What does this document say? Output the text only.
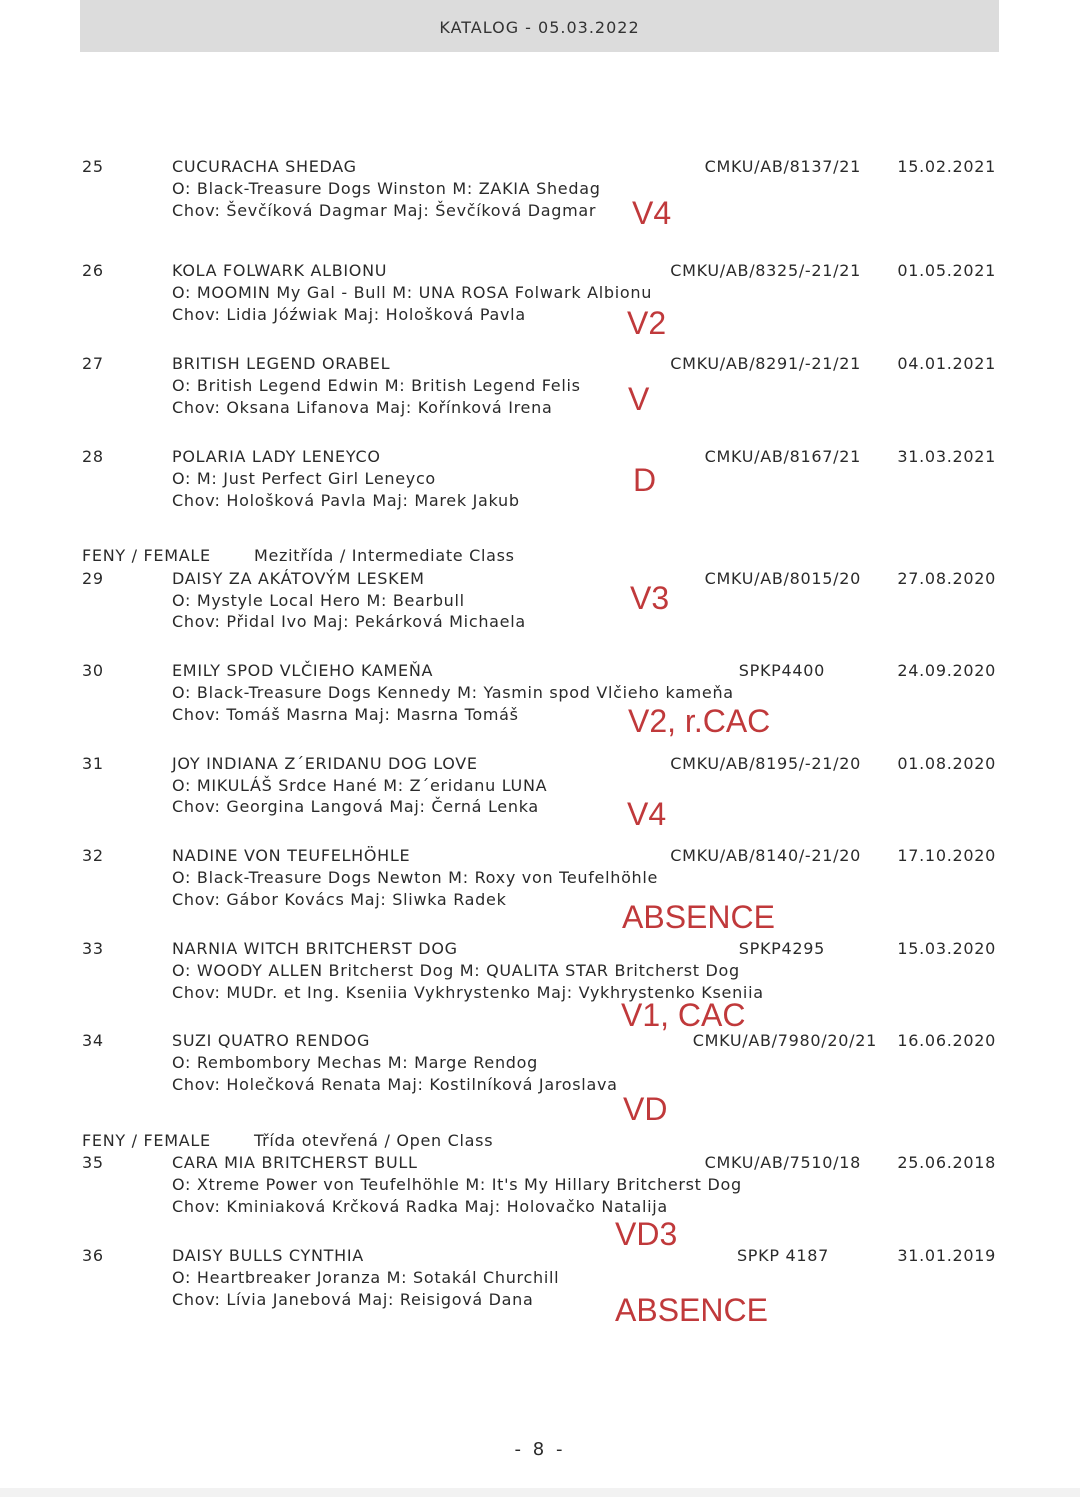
KATALOG - 05.03.2022
25	CUCURACHA SHEDAG	CMKU/AB/8137/21 15.02.2021
O: Black-Treasure Dogs Winston M: ZAKIA Shedag
Chov: Ševčíková Dagmar Maj: Ševčíková Dagmar V4
26	KOLA FOLWARK ALBIONU	CMKU/AB/8325/-21/21 01.05.2021
O: MOOMIN My Gal - Bull M: UNA ROSA Folwark Albionu
Chov: Lidia Jóźwiak Maj: Hološková Pavla	V2
27	BRITISH LEGEND ORABEL	CMKU/AB/8291/-21/21 04.01.2021
O: British Legend Edwin M: British Legend Felis
Chov: Oksana Lifanova Maj: Kořínková Irena V
28	POLARIA LADY LENEYCO	CMKU/AB/8167/21 31.03.2021
O: M: Just Perfect Girl Leneyco
Chov: Hološková Pavla Maj: Marek Jakub
D
FENY / FEMALE	Mezitřída / Intermediate Class
29	DAISY ZA AKÁTOVÝM LESKEM	CMKU/AB/8015/20 27.08.2020
O: Mystyle Local Hero M: Bearbull
Chov: Přidal Ivo Maj: Pekárková Michaela
V3
30	EMILY SPOD VLČIEHO KAMEŇA	SPKP4400	24.09.2020
O: Black-Treasure Dogs Kennedy M: Yasmin spod Vlčieho kameňa
Chov: Tomáš Masrna Maj: Masrna Tomáš	V2, r.CAC
31	JOY INDIANA Z´ERIDANU DOG LOVE	CMKU/AB/8195/-21/20 01.08.2020
O: MIKULÁŠ Srdce Hané M: Z´eridanu LUNA
Chov: Georgina Langová Maj: Černá Lenka	V4
32	NADINE VON TEUFELHÖHLE	CMKU/AB/8140/-21/20 17.10.2020
O: Black-Treasure Dogs Newton M: Roxy von Teufelhöhle
Chov: Gábor Kovács Maj: Sliwka Radek	ABSENCE
33	NARNIA WITCH BRITCHERST DOG	SPKP4295	15.03.2020
O: WOODY ALLEN Britcherst Dog M: QUALITA STAR Britcherst Dog
Chov: MUDr. et Ing. Kseniia Vykhrystenko Maj: Vykhrystenko Kseniia
V1, CAC
34	SUZI QUATRO RENDOG	CMKU/AB/7980/20/21 16.06.2020
O: Rembombory Mechas M: Marge Rendog
Chov: Holečková Renata Maj: Kostilníková Jaroslava
VD
FENY / FEMALE	Třída otevřená / Open Class
35	CARA MIA BRITCHERST BULL	CMKU/AB/7510/18 25.06.2018
O: Xtreme Power von Teufelhöhle M: It's My Hillary Britcherst Dog
Chov: Kminiaková Krčková Radka Maj: Holovačko Natalija
VD3
36	DAISY BULLS CYNTHIA	SPKP 4187	31.01.2019
O: Heartbreaker Joranza M: Sotakál Churchill
Chov: Lívia Janebová Maj: Reisigová Dana	ABSENCE
- 8 -
